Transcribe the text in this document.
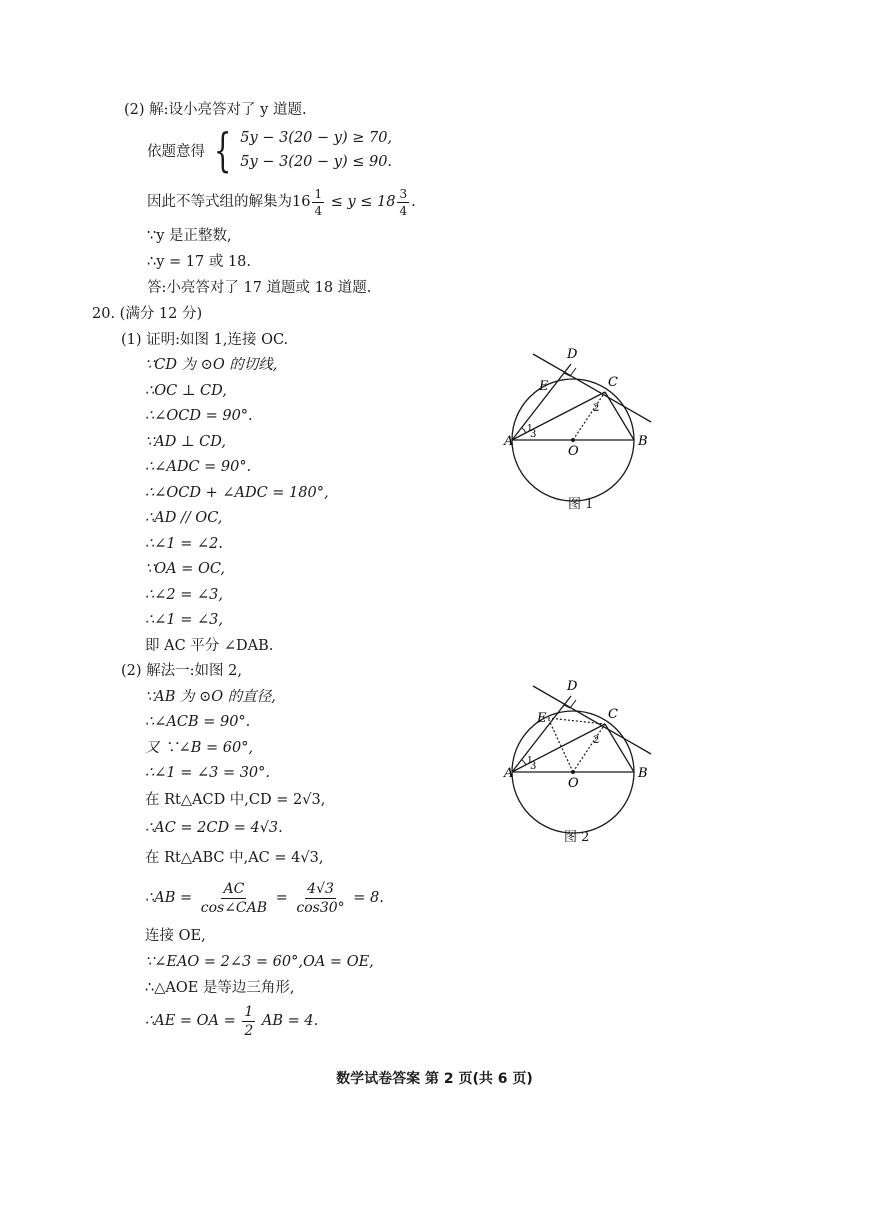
(2) 解:设小亮答对了 y 道题.
依题意得 { 5y − 3(20 − y) ≥ 70,
5y − 3(20 − y) ≤ 90.
因此不等式组的解集为$16 \frac{1}{4} \le y \le 18 \frac{3}{4}$ .
∵y 是正整数,
∴y = 17 或 18.
答:小亮答对了 17 道题或 18 道题.
20. (满分 12 分)
(1) 证明:如图 1,连接 OC.
∵CD 为 ⊙O 的切线,
∴OC ⊥ CD,
∴∠OCD = 90°.
∵AD ⊥ CD,
∴∠ADC = 90°.
∴∠OCD + ∠ADC = 180°,
∴AD // OC,
∴∠1 = ∠2.
∵OA = OC,
∴∠2 = ∠3,
∴∠1 = ∠3,
即 AC 平分 ∠DAB.
(2) 解法一:如图 2,
∵AB 为 ⊙O 的直径,
∴∠ACB = 90°.
又 ∵∠B = 60°,
∴∠1 = ∠3 = 30°.
在 Rt△ACD 中,CD = 2√3,
∴AC = 2CD = 4√3.
在 Rt△ABC 中,AC = 4√3,
∴AB = $\frac{AC}{\text{cos∠CAB}} = \frac{4√3}{\cos 30^\circ} = 8$.
连接 OE,
∵∠EAO = 2∠3 = 60°,OA = OE,
∴△AOE 是等边三角形,
∴AE = OA = $\frac{1}{2}$ AB = 4.
D
E	C
A	B
O
2
3
1
图 1
D
E	C
A	B
O
2
3
1
图 2
数学试卷答案 第 2 页(共 6 页)
